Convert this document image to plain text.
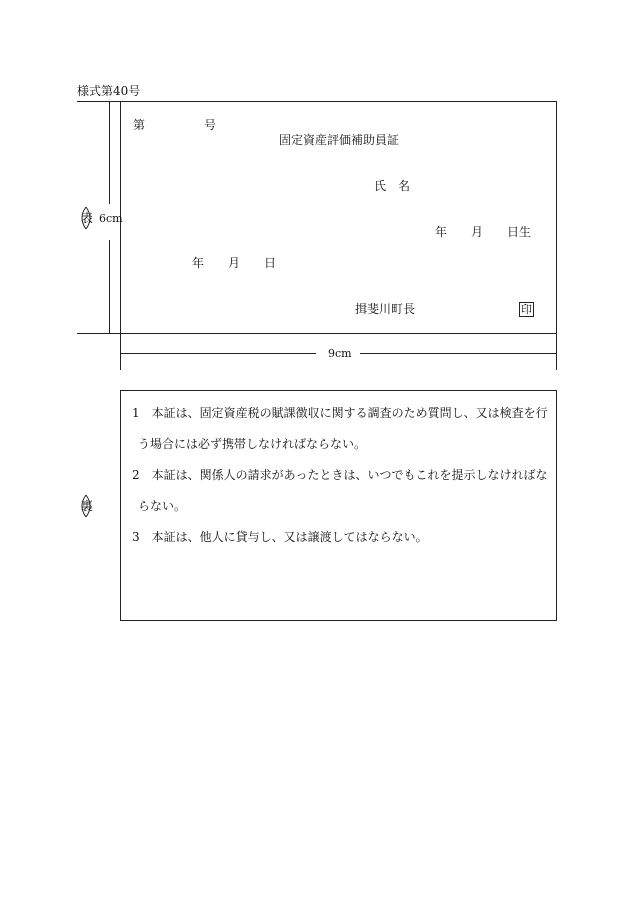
様式第40号
6cm
表
9cm
第	号
固定資産評価補助員証
氏　名
年 月 日生
年 月 日
揖斐川町長	印
裏
1　本証は、固定資産税の賦課徴収に関する調査のため質問し、又は検査を行
う場合には必ず携帯しなければならない。
2　本証は、関係人の請求があったときは、いつでもこれを提示しなければな
らない。
3　本証は、他人に貸与し、又は譲渡してはならない。
